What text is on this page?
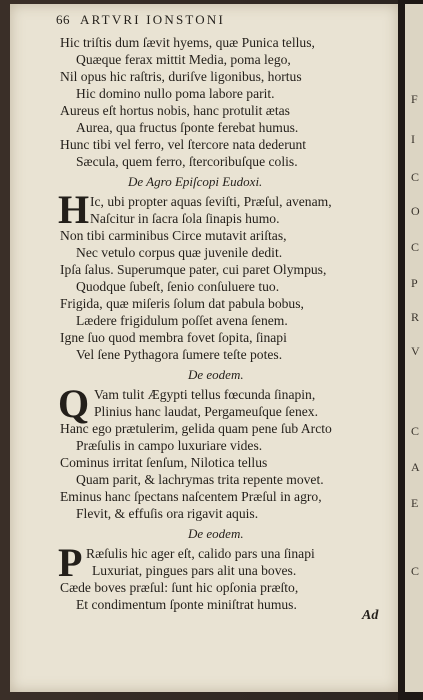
66 ARTVRI IONSTONI
Hic triſtis dum ſævit hyems, quæ Punica tellus,
Quæque ferax mittit Media, poma lego,
Nil opus hic raſtris, duriſve ligonibus, hortus
Hic domino nullo poma labore parit.
Aureus eſt hortus nobis, hanc protulit ætas
Aurea, qua fructus ſponte ferebat humus.
Hunc tibi vel ferro, vel ſtercore nata dederunt
Sæcula, quem ferro, ſtercoribuſque colis.
De Agro Epiſcopi Eudoxi.
H Ic, ubi propter aquas ſeviſti, Præſul, avenam,
Naſcitur in ſacra ſola ſinapis humo.
Non tibi carminibus Circe mutavit ariſtas,
Nec vetulo corpus quæ juvenile dedit.
Ipſa ſalus. Superumque pater, cui paret Olympus,
Quodque ſubeſt, ſenio conſuluere tuo.
Frigida, quæ miſeris ſolum dat pabula bobus,
Lædere frigidulum poſſet avena ſenem.
Igne ſuo quod membra fovet ſopita, ſinapi
Vel ſene Pythagora ſumere teſte potes.
De eodem.
Q Vam tulit Ægypti tellus fœcunda ſinapin,
Plinius hanc laudat, Pergameuſque ſenex.
Hanc ego prætulerim, gelida quam pene ſub Arcto
Præſulis in campo luxuriare vides.
Cominus irritat ſenſum, Nilotica tellus
Quam parit, & lachrymas trita repente movet.
Eminus hanc ſpectans naſcentem Præſul in agro,
Flevit, & effuſis ora rigavit aquis.
De eodem.
P Ræſulis hic ager eſt, calido pars una ſinapi
Luxuriat, pingues pars alit una boves.
Cæde boves præſul: ſunt hic opſonia præſto,
Et condimentum ſponte miniſtrat humus.
Ad
F
I
C
O
C
P
R
V
C
A
E
C
